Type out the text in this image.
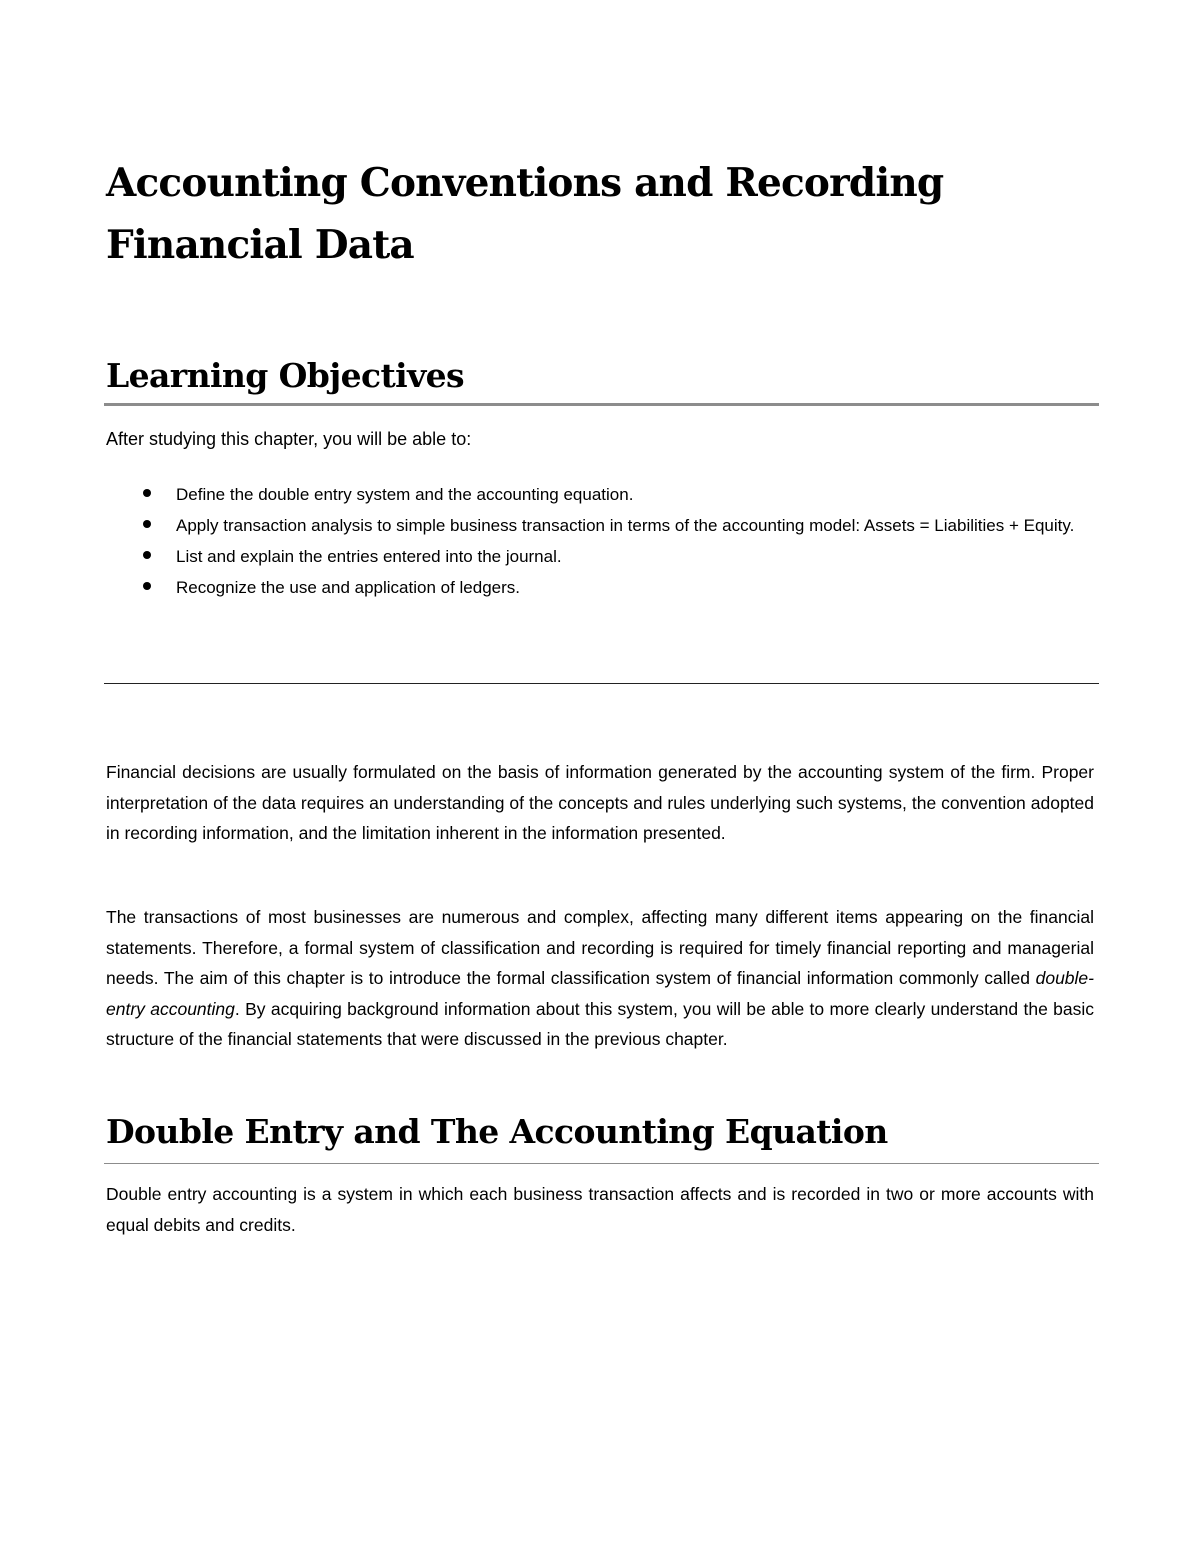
Accounting Conventions and Recording Financial Data
Learning Objectives

After studying this chapter, you will be able to:

Define the double entry system and the accounting equation.
Apply transaction analysis to simple business transaction in terms of the accounting model: Assets = Liabilities + Equity.
List and explain the entries entered into the journal.
Recognize the use and application of ledgers.

Financial decisions are usually formulated on the basis of information generated by the accounting system of the firm. Proper interpretation of the data requires an understanding of the concepts and rules underlying such systems, the convention adopted in recording information, and the limitation inherent in the information presented.

The transactions of most businesses are numerous and complex, affecting many different items appearing on the financial statements. Therefore, a formal system of classification and recording is required for timely financial reporting and managerial needs. The aim of this chapter is to introduce the formal classification system of financial information commonly called double-entry accounting. By acquiring background information about this system, you will be able to more clearly understand the basic structure of the financial statements that were discussed in the previous chapter.

Double Entry and The Accounting Equation

Double entry accounting is a system in which each business transaction affects and is recorded in two or more accounts with equal debits and credits.
